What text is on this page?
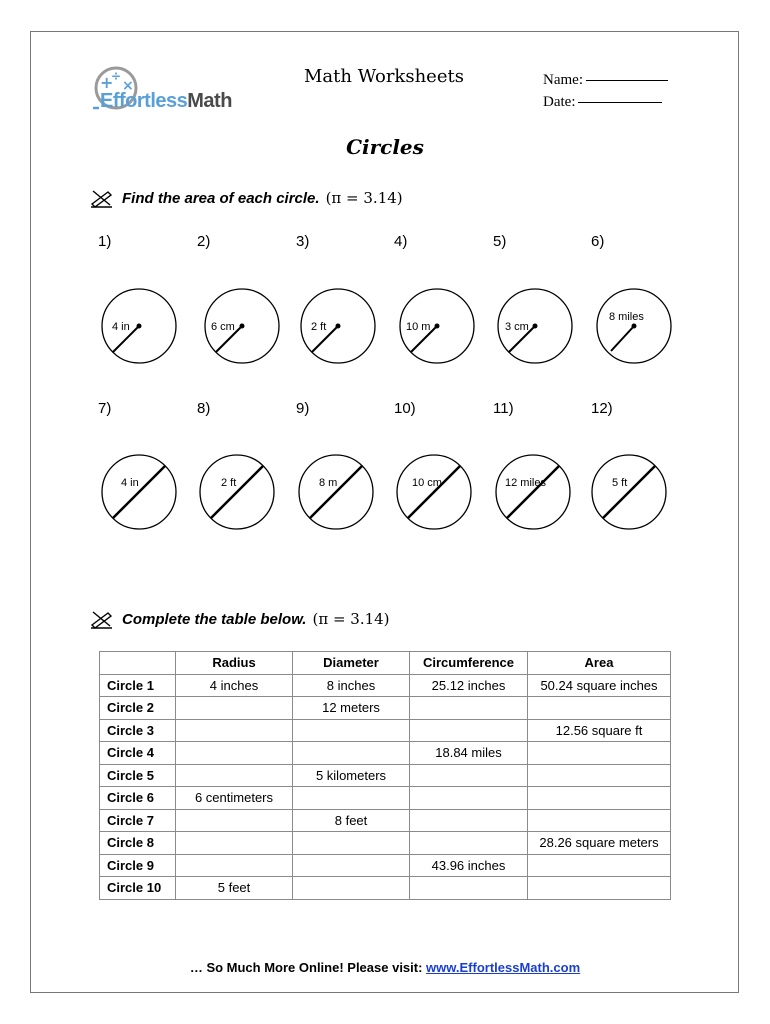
+
÷
×
EffortlessMath
Math Worksheets	Name:
Date:
Circles
Find the area of each circle. (π = 3.14)
1)	2)	3)	4)	5)	6)
7)	8)	9)	10)	11)	12)
4 in	6 cm	2 ft	10 m	3 cm
8 miles
4 in	2 ft	8 m	10 cm	12 miles	5 ft
Complete the table below. (π = 3.14)
	Radius	Diameter	Circumference	Area
Circle 1	4 inches	8 inches	25.12 inches	50.24 square inches
Circle 2		12 meters		
Circle 3				12.56 square ft
Circle 4			18.84 miles	
Circle 5		5 kilometers		
Circle 6	6 centimeters			
Circle 7		8 feet		
Circle 8				28.26 square meters
Circle 9			43.96 inches	
Circle 10	5 feet			
… So Much More Online! Please visit: www.EffortlessMath.com
